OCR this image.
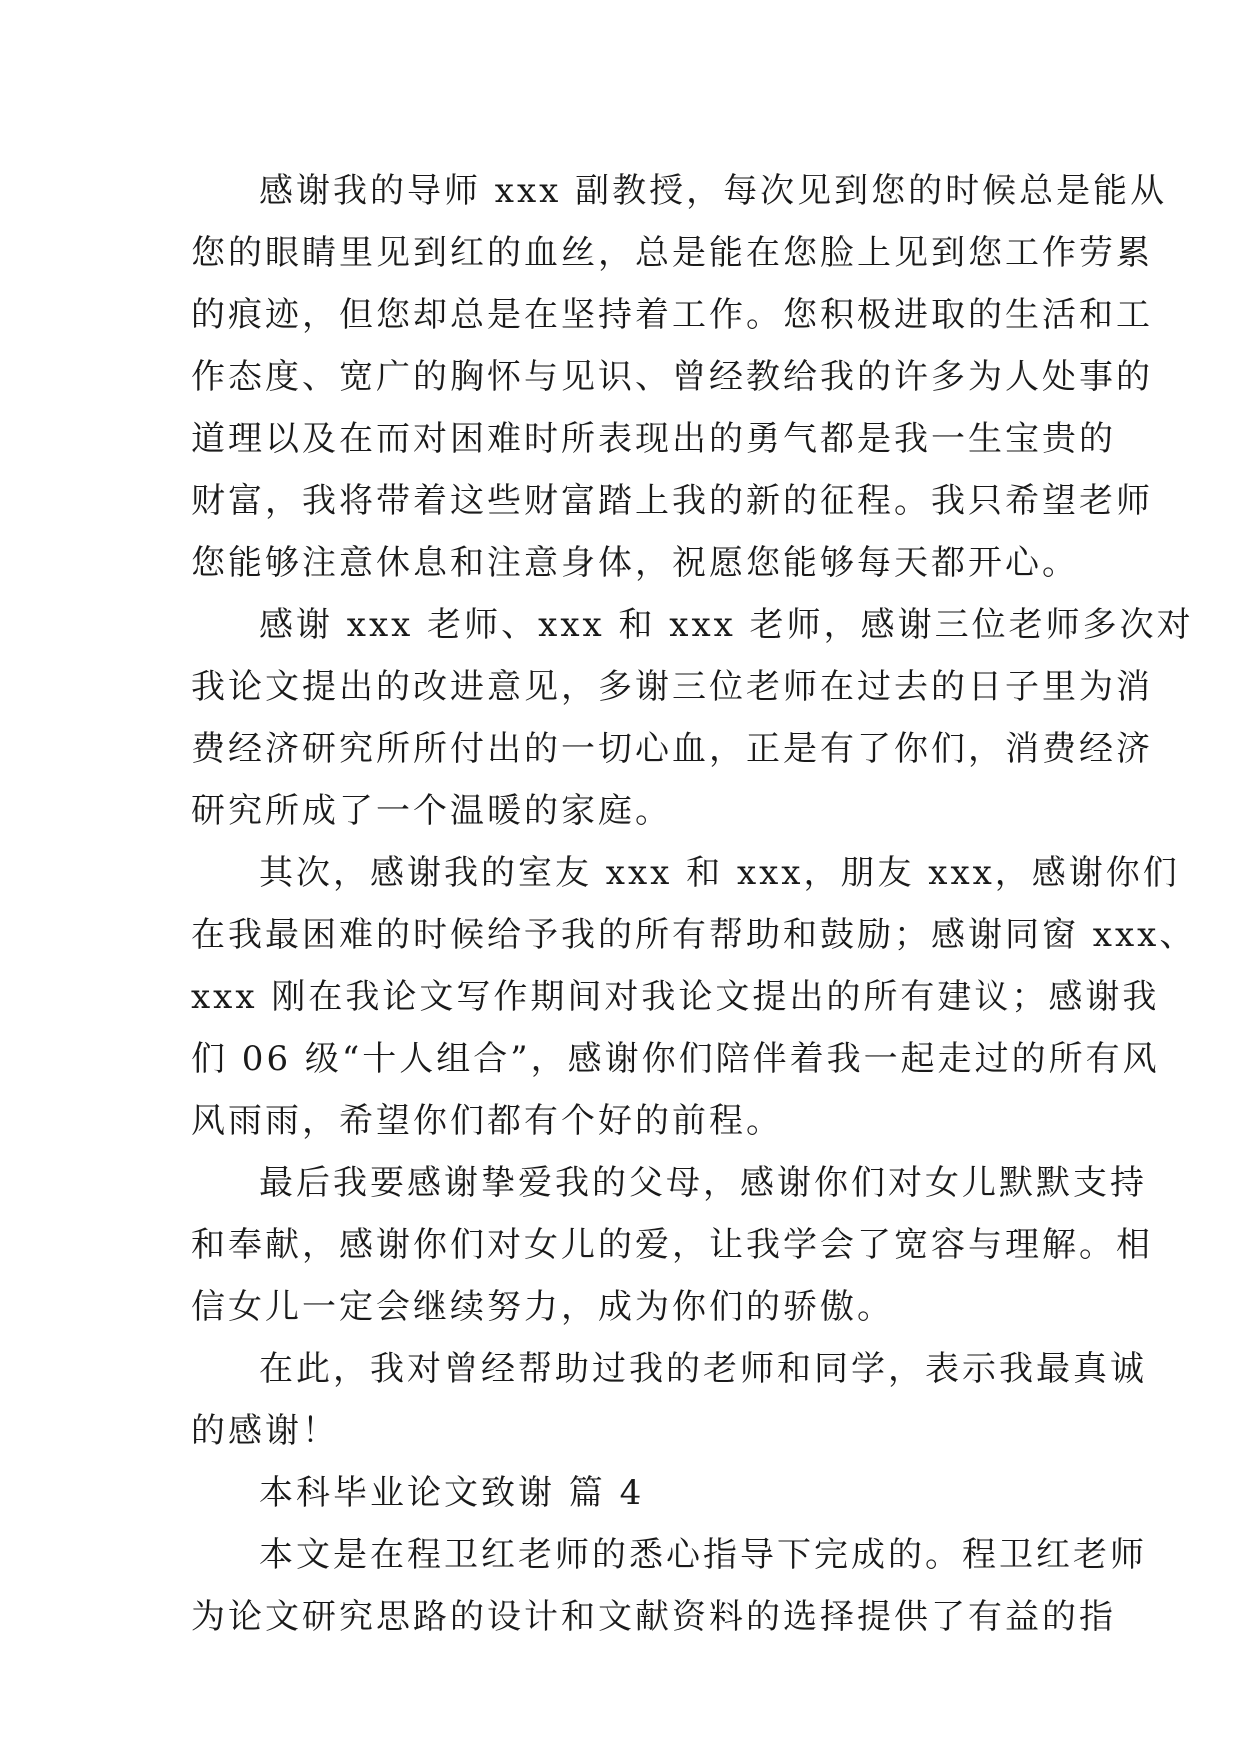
感谢我的导师 xxx 副教授，每次见到您的时候总是能从
您的眼睛里见到红的血丝，总是能在您脸上见到您工作劳累
的痕迹，但您却总是在坚持着工作。您积极进取的生活和工
作态度、宽广的胸怀与见识、曾经教给我的许多为人处事的
道理以及在而对困难时所表现出的勇气都是我一生宝贵的
财富，我将带着这些财富踏上我的新的征程。我只希望老师
您能够注意休息和注意身体，祝愿您能够每天都开心。
感谢 xxx 老师、xxx 和 xxx 老师，感谢三位老师多次对
我论文提出的改进意见，多谢三位老师在过去的日子里为消
费经济研究所所付出的一切心血，正是有了你们，消费经济
研究所成了一个温暖的家庭。
其次，感谢我的室友 xxx 和 xxx，朋友 xxx，感谢你们
在我最困难的时候给予我的所有帮助和鼓励；感谢同窗 xxx、
xxx 刚在我论文写作期间对我论文提出的所有建议；感谢我
们 06 级“十人组合”，感谢你们陪伴着我一起走过的所有风
风雨雨，希望你们都有个好的前程。
最后我要感谢挚爱我的父母，感谢你们对女儿默默支持
和奉献，感谢你们对女儿的爱，让我学会了宽容与理解。相
信女儿一定会继续努力，成为你们的骄傲。
在此，我对曾经帮助过我的老师和同学，表示我最真诚
的感谢！
本科毕业论文致谢 篇 4
本文是在程卫红老师的悉心指导下完成的。程卫红老师
为论文研究思路的设计和文献资料的选择提供了有益的指
